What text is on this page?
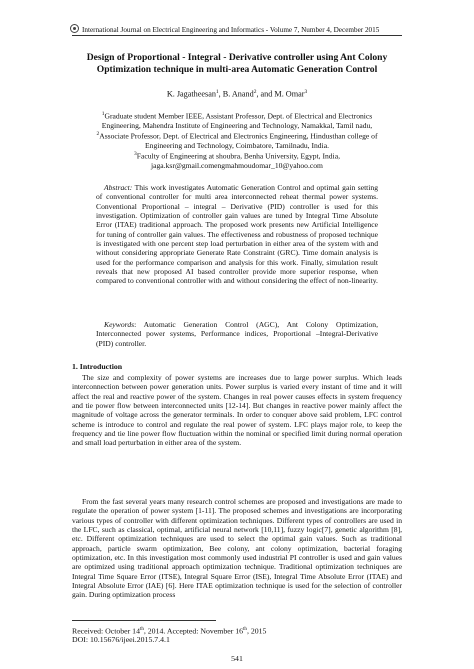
International Journal on Electrical Engineering and Informatics - Volume 7, Number 4, December 2015
Design of Proportional - Integral - Derivative controller using Ant Colony
Optimization technique in multi-area Automatic Generation Control
K. Jagatheesan$^1$, B. Anand$^2$, and M. Omar$^3$
$^1$Graduate student Member IEEE, Assistant Professor, Dept. of Electrical and Electronics
Engineering, Mahendra Institute of Engineering and Technology, Namakkal, Tamil nadu,
$^2$Associate Professor, Dept. of Electrical and Electronics Engineering, Hindusthan college of
Engineering and Technology, Coimbatore, Tamilnadu, India.
$^3$Faculty of Engineering at shoubra, Benha University, Egypt, India,
jaga.ksr@gmail.comengmahmoudomar_10@yahoo.com
Abstract: This work investigates Automatic Generation Control and optimal gain setting of conventional controller for multi area interconnected reheat thermal power systems. Conventional Proportional – integral – Derivative (PID) controller is used for this investigation. Optimization of controller gain values are tuned by Integral Time Absolute Error (ITAE) traditional approach. The proposed work presents new Artificial Intelligence for tuning of controller gain values. The effectiveness and robustness of proposed technique is investigated with one percent step load perturbation in either area of the system with and without considering appropriate Generate Rate Constraint (GRC). Time domain analysis is used for the performance comparison and analysis for this work. Finally, simulation result reveals that new proposed AI based controller provide more superior response, when compared to conventional controller with and without considering the effect of non-linearity.
Keywords: Automatic Generation Control (AGC), Ant Colony Optimization, Interconnected power systems, Performance indices, Proportional –Integral-Derivative (PID) controller.
1. Introduction
The size and complexity of power systems are increases due to large power surplus. Which leads interconnection between power generation units. Power surplus is varied every instant of time and it will affect the real and reactive power of the system. Changes in real power causes effects in system frequency and tie power flow between interconnected units [12-14]. But changes in reactive power mainly affect the magnitude of voltage across the generator terminals. In order to conquer above said problem, LFC control scheme is introduce to control and regulate the real power of system. LFC plays major role, to keep the frequency and tie line power flow fluctuation within the nominal or specified limit during normal operation and small load perturbation in either area of the system.
From the fast several years many research control schemes are proposed and investigations are made to regulate the operation of power system [1-11]. The proposed schemes and investigations are incorporating various types of controller with different optimization techniques. Different types of controllers are used in the LFC, such as classical, optimal, artificial neural network [10,11], fuzzy logic[7], genetic algorithm [8], etc. Different optimization techniques are used to select the optimal gain values. Such as traditional approach, particle swarm optimization, Bee colony, ant colony optimization, bacterial foraging optimization, etc. In this investigation most commonly used industrial PI controller is used and gain values are optimized using traditional approach optimization technique. Traditional optimization techniques are Integral Time Square Error (ITSE), Integral Square Error (ISE), Integral Time Absolute Error (ITAE) and Integral Absolute Error (IAE) [6]. Here ITAE optimization technique is used for the selection of controller gain. During optimization process
Received: October 14th, 2014. Accepted: November 16th, 2015
DOI: 10.15676/ijeei.2015.7.4.1
541
